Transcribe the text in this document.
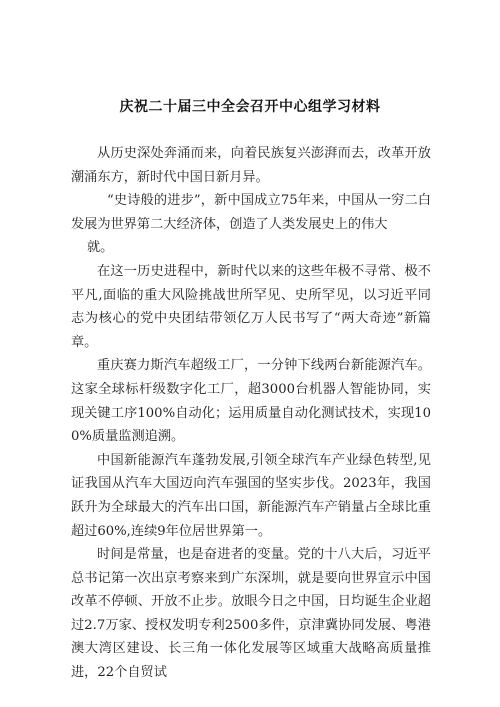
庆祝二十届三中全会召开中心组学习材料

从历史深处奔涌而来，向着民族复兴澎湃而去，改革开放潮涌东方，新时代中国日新月异。

“史诗般的进步”，新中国成立75年来，中国从一穷二白发展为世界第二大经济体，创造了人类发展史上的伟大

就。

在这一历史进程中，新时代以来的这些年极不寻常、极不平凡,面临的重大风险挑战世所罕见、史所罕见，以习近平同志为核心的党中央团结带领亿万人民书写了“两大奇迹”新篇章。

重庆赛力斯汽车超级工厂，一分钟下线两台新能源汽车。这家全球标杆级数字化工厂，超3000台机器人智能协同，实现关键工序100%自动化；运用质量自动化测试技术，实现100%质量监测追溯。

中国新能源汽车蓬勃发展,引领全球汽车产业绿色转型,见证我国从汽车大国迈向汽车强国的坚实步伐。2023年，我国跃升为全球最大的汽车出口国，新能源汽车产销量占全球比重超过60%,连续9年位居世界第一。

时间是常量，也是奋进者的变量。党的十八大后，习近平总书记第一次出京考察来到广东深圳，就是要向世界宣示中国改革不停顿、开放不止步。放眼今日之中国，日均诞生企业超过2.7万家、授权发明专利2500多件，京津冀协同发展、粤港澳大湾区建设、长三角一体化发展等区域重大战略高质量推进，22个自贸试
